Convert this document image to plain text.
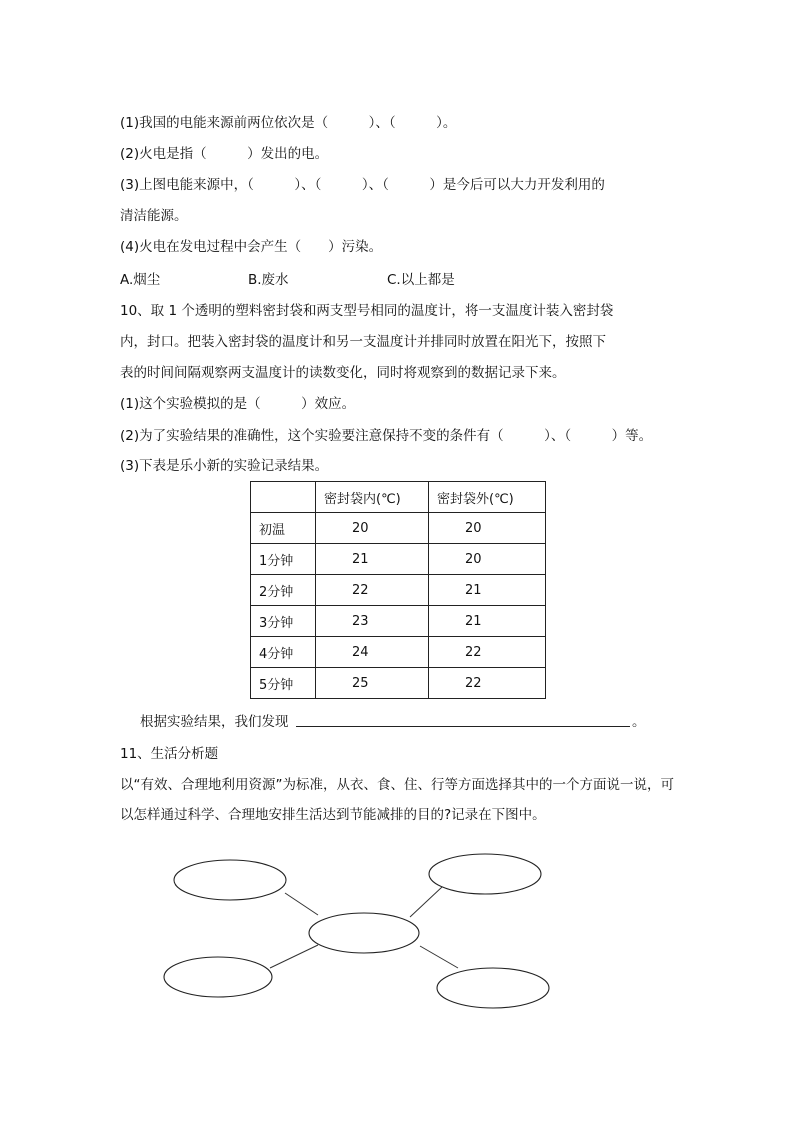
(1)我国的电能来源前两位依次是（　　　）、（　　　）。
(2)火电是指（　　　）发出的电。
(3)上图电能来源中，（　　　）、（　　　）、（　　　）是今后可以大力开发利用的
清洁能源。
(4)火电在发电过程中会产生（　　）污染。
A.烟尘	B.废水	C.以上都是
10、取 1 个透明的塑料密封袋和两支型号相同的温度计，将一支温度计装入密封袋
内，封口。把装入密封袋的温度计和另一支温度计并排同时放置在阳光下，按照下
表的时间间隔观察两支温度计的读数变化，同时将观察到的数据记录下来。
(1)这个实验模拟的是（　　　）效应。
(2)为了实验结果的准确性，这个实验要注意保持不变的条件有（　　　）、（　　　）等。
(3)下表是乐小新的实验记录结果。
	密封袋内(℃)	密封袋外(℃)
初温	20	20
1分钟	21	20
2分钟	22	21
3分钟	23	21
4分钟	24	22
5分钟	25	22
根据实验结果，我们发现	。
11、生活分析题
以“有效、合理地利用资源”为标准，从衣、食、住、行等方面选择其中的一个方面说一说，可
以怎样通过科学、合理地安排生活达到节能减排的目的?记录在下图中。
